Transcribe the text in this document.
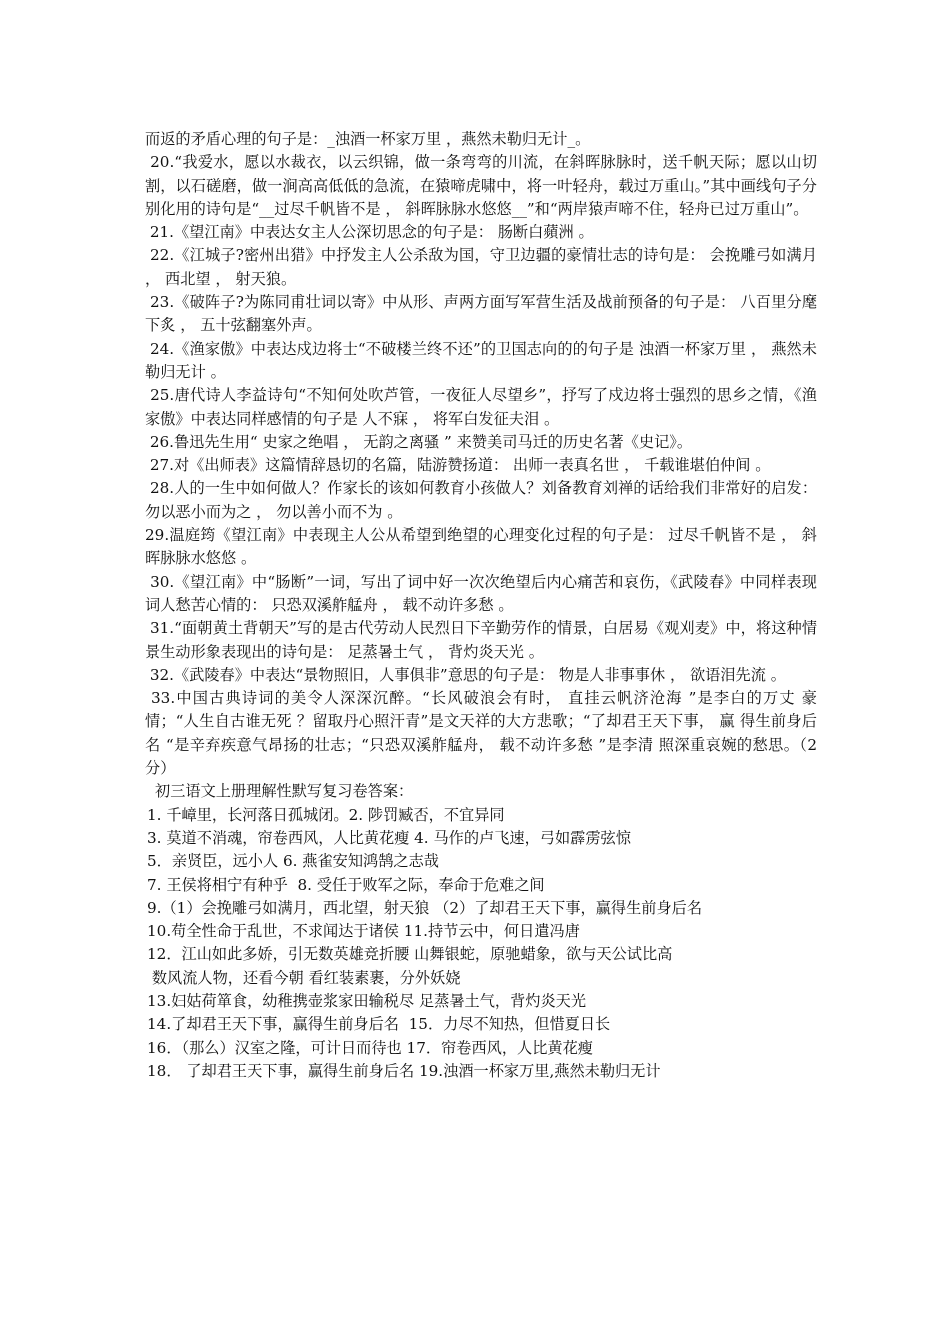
而返的矛盾心理的句子是：_浊酒一杯家万里 ，燕然未勒归无计_。

20.“我爱水，愿以水裁衣，以云织锦，做一条弯弯的川流，在斜晖脉脉时，送千帆天际；愿以山切割，以石磋磨，做一涧高高低低的急流，在猿啼虎啸中，将一叶轻舟，载过万重山。”其中画线句子分别化用的诗句是“__过尽千帆皆不是 ， 斜晖脉脉水悠悠__”和“两岸猿声啼不住，轻舟已过万重山”。

21.《望江南》中表达女主人公深切思念的句子是： 肠断白蘋洲 。

22.《江城子?密州出猎》中抒发主人公杀敌为国，守卫边疆的豪情壮志的诗句是： 会挽雕弓如满月 ， 西北望 ， 射天狼。

23.《破阵子?为陈同甫壮词以寄》中从形、声两方面写军营生活及战前预备的句子是： 八百里分麾下炙 ， 五十弦翻塞外声。

24.《渔家傲》中表达戍边将士“不破楼兰终不还”的卫国志向的的句子是 浊酒一杯家万里 ， 燕然未勒归无计 。

25.唐代诗人李益诗句“不知何处吹芦管，一夜征人尽望乡”，抒写了戍边将士强烈的思乡之情，《渔家傲》中表达同样感情的句子是 人不寐 ， 将军白发征夫泪 。

26.鲁迅先生用“ 史家之绝唱 ， 无韵之离骚 ” 来赞美司马迁的历史名著《史记》。

27.对《出师表》这篇情辞恳切的名篇，陆游赞扬道： 出师一表真名世 ， 千载谁堪伯仲间 。

28.人的一生中如何做人？作家长的该如何教育小孩做人？刘备教育刘禅的话给我们非常好的启发： 勿以恶小而为之 ， 勿以善小而不为 。

29.温庭筠《望江南》中表现主人公从希望到绝望的心理变化过程的句子是： 过尽千帆皆不是 ， 斜晖脉脉水悠悠 。

30.《望江南》中“肠断”一词，写出了词中好一次次绝望后内心痛苦和哀伤，《武陵春》中同样表现词人愁苦心情的： 只恐双溪舴艋舟 ， 载不动许多愁 。

31.“面朝黄土背朝天”写的是古代劳动人民烈日下辛勤劳作的情景，白居易《观刈麦》中，将这种情景生动形象表现出的诗句是： 足蒸暑土气 ， 背灼炎天光 。

32.《武陵春》中表达“景物照旧，人事俱非”意思的句子是： 物是人非事事休 ， 欲语泪先流 。

33.中国古典诗词的美令人深深沉醉。“长风破浪会有时， 直挂云帆济沧海 ”是李白的万丈 豪情；“人生自古谁无死 ？留取丹心照汗青”是文天祥的大方悲歌；“了却君王天下事， 赢 得生前身后名 “是辛弃疾意气昂扬的壮志；“只恐双溪舴艋舟， 载不动许多愁 ”是李清 照深重哀婉的愁思。（2 分）

初三语文上册理解性默写复习卷答案：

1. 千嶂里，长河落日孤城闭。2. 陟罚臧否，不宜异同

3. 莫道不消魂，帘卷西风，人比黄花瘦 4. 马作的卢飞速，弓如霹雳弦惊

5．亲贤臣，远小人 6. 燕雀安知鸿鹄之志哉

7. 王侯将相宁有种乎  8. 受任于败军之际，奉命于危难之间

9.（1）会挽雕弓如满月，西北望，射天狼 （2）了却君王天下事，赢得生前身后名

10.苟全性命于乱世，不求闻达于诸侯 11.持节云中，何日遣冯唐

12．江山如此多娇，引无数英雄竞折腰 山舞银蛇，原驰蜡象，欲与天公试比高

数风流人物，还看今朝 看红装素裹，分外妖娆

13.妇姑荷箪食，幼稚携壶浆家田输税尽 足蒸暑土气，背灼炎天光

14.了却君王天下事，赢得生前身后名  15．力尽不知热，但惜夏日长

16．（那么）汉室之隆，可计日而待也 17．帘卷西风，人比黄花瘦

18． 了却君王天下事，赢得生前身后名 19.浊酒一杯家万里,燕然未勒归无计
